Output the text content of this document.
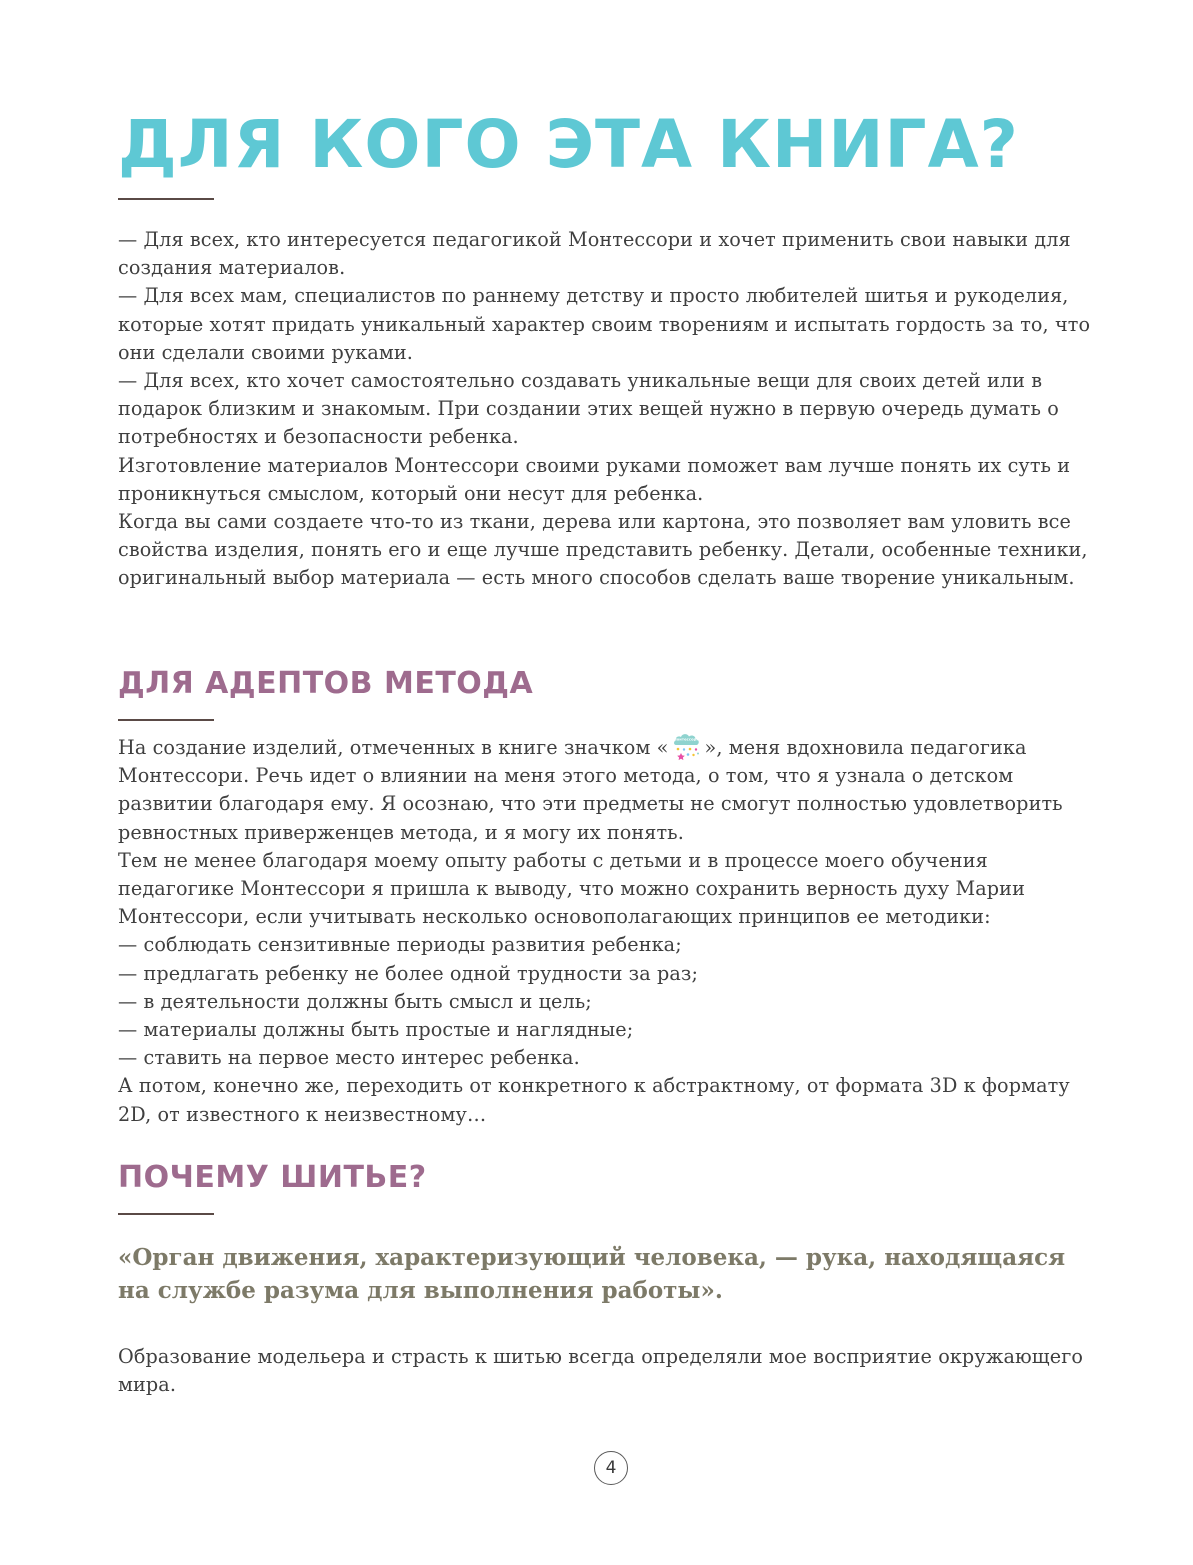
ДЛЯ КОГО ЭТА КНИГА?

— Для всех, кто интересуется педагогикой Монтессори и хочет применить свои навыки для создания материалов.

— Для всех мам, специалистов по раннему детству и просто любителей шитья и рукоделия, которые хотят придать уникальный характер своим творениям и испытать гордость за то, что они сделали своими руками.

— Для всех, кто хочет самостоятельно создавать уникальные вещи для своих детей или в подарок близким и знакомым. При создании этих вещей нужно в первую очередь думать о потребностях и безопасности ребенка.

Изготовление материалов Монтессори своими руками поможет вам лучше понять их суть и проникнуться смыслом, который они несут для ребенка.

Когда вы сами создаете что-то из ткани, дерева или картона, это позволяет вам уловить все свойства изделия, понять его и еще лучше представить ребенку. Детали, особенные техники, оригинальный выбор материала — есть много способов сделать ваше творение уникальным.

ДЛЯ АДЕПТОВ МЕТОДА

На создание изделий, отмеченных в книге значком « Монтессори », меня вдохновила педагогика Монтессори. Речь идет о влиянии на меня этого метода, о том, что я узнала о детском развитии благодаря ему. Я осознаю, что эти предметы не смогут полностью удовлетворить ревностных приверженцев метода, и я могу их понять.

Тем не менее благодаря моему опыту работы с детьми и в процессе моего обучения педагогике Монтессори я пришла к выводу, что можно сохранить верность духу Марии Монтессори, если учитывать несколько основополагающих принципов ее методики:

— соблюдать сензитивные периоды развития ребенка;

— предлагать ребенку не более одной трудности за раз;

— в деятельности должны быть смысл и цель;

— материалы должны быть простые и наглядные;

— ставить на первое место интерес ребенка.

А потом, конечно же, переходить от конкретного к абстрактному, от формата 3D к формату 2D, от известного к неизвестному…

ПОЧЕМУ ШИТЬЕ?

«Орган движения, характеризующий человека, — рука, находящаяся на службе разума для выполнения работы».

Образование модельера и страсть к шитью всегда определяли мое восприятие окружающего мира.

4
